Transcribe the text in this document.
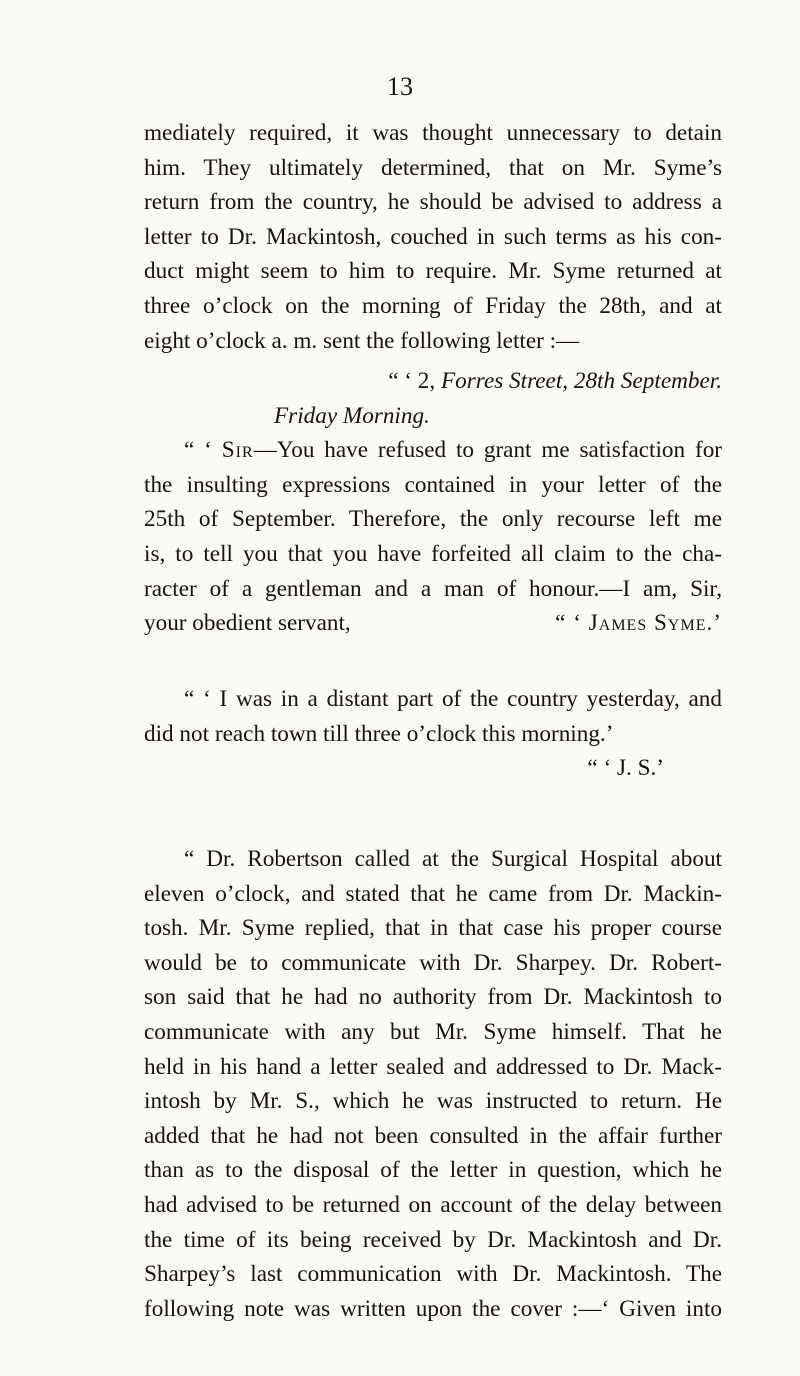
13

mediately required, it was thought unnecessary to detain

him. They ultimately determined, that on Mr. Syme’s

return from the country, he should be advised to address a

letter to Dr. Mackintosh, couched in such terms as his con-

duct might seem to him to require. Mr. Syme returned at

three o’clock on the morning of Friday the 28th, and at

eight o’clock a. m. sent the following letter :—

“ ‘ 2, Forres Street, 28th September.

Friday Morning.

“ ‘ Sir—You have refused to grant me satisfaction for

the insulting expressions contained in your letter of the

25th of September. Therefore, the only recourse left me

is, to tell you that you have forfeited all claim to the cha-

racter of a gentleman and a man of honour.—I am, Sir,

your obedient servant,	“ ‘ James Syme.’

“ ‘ I was in a distant part of the country yesterday, and

did not reach town till three o’clock this morning.’

“ ‘ J. S.’

“ Dr. Robertson called at the Surgical Hospital about

eleven o’clock, and stated that he came from Dr. Mackin-

tosh. Mr. Syme replied, that in that case his proper course

would be to communicate with Dr. Sharpey. Dr. Robert-

son said that he had no authority from Dr. Mackintosh to

communicate with any but Mr. Syme himself. That he

held in his hand a letter sealed and addressed to Dr. Mack-

intosh by Mr. S., which he was instructed to return. He

added that he had not been consulted in the affair further

than as to the disposal of the letter in question, which he

had advised to be returned on account of the delay between

the time of its being received by Dr. Mackintosh and Dr.

Sharpey’s last communication with Dr. Mackintosh. The

following note was written upon the cover :—‘ Given into
